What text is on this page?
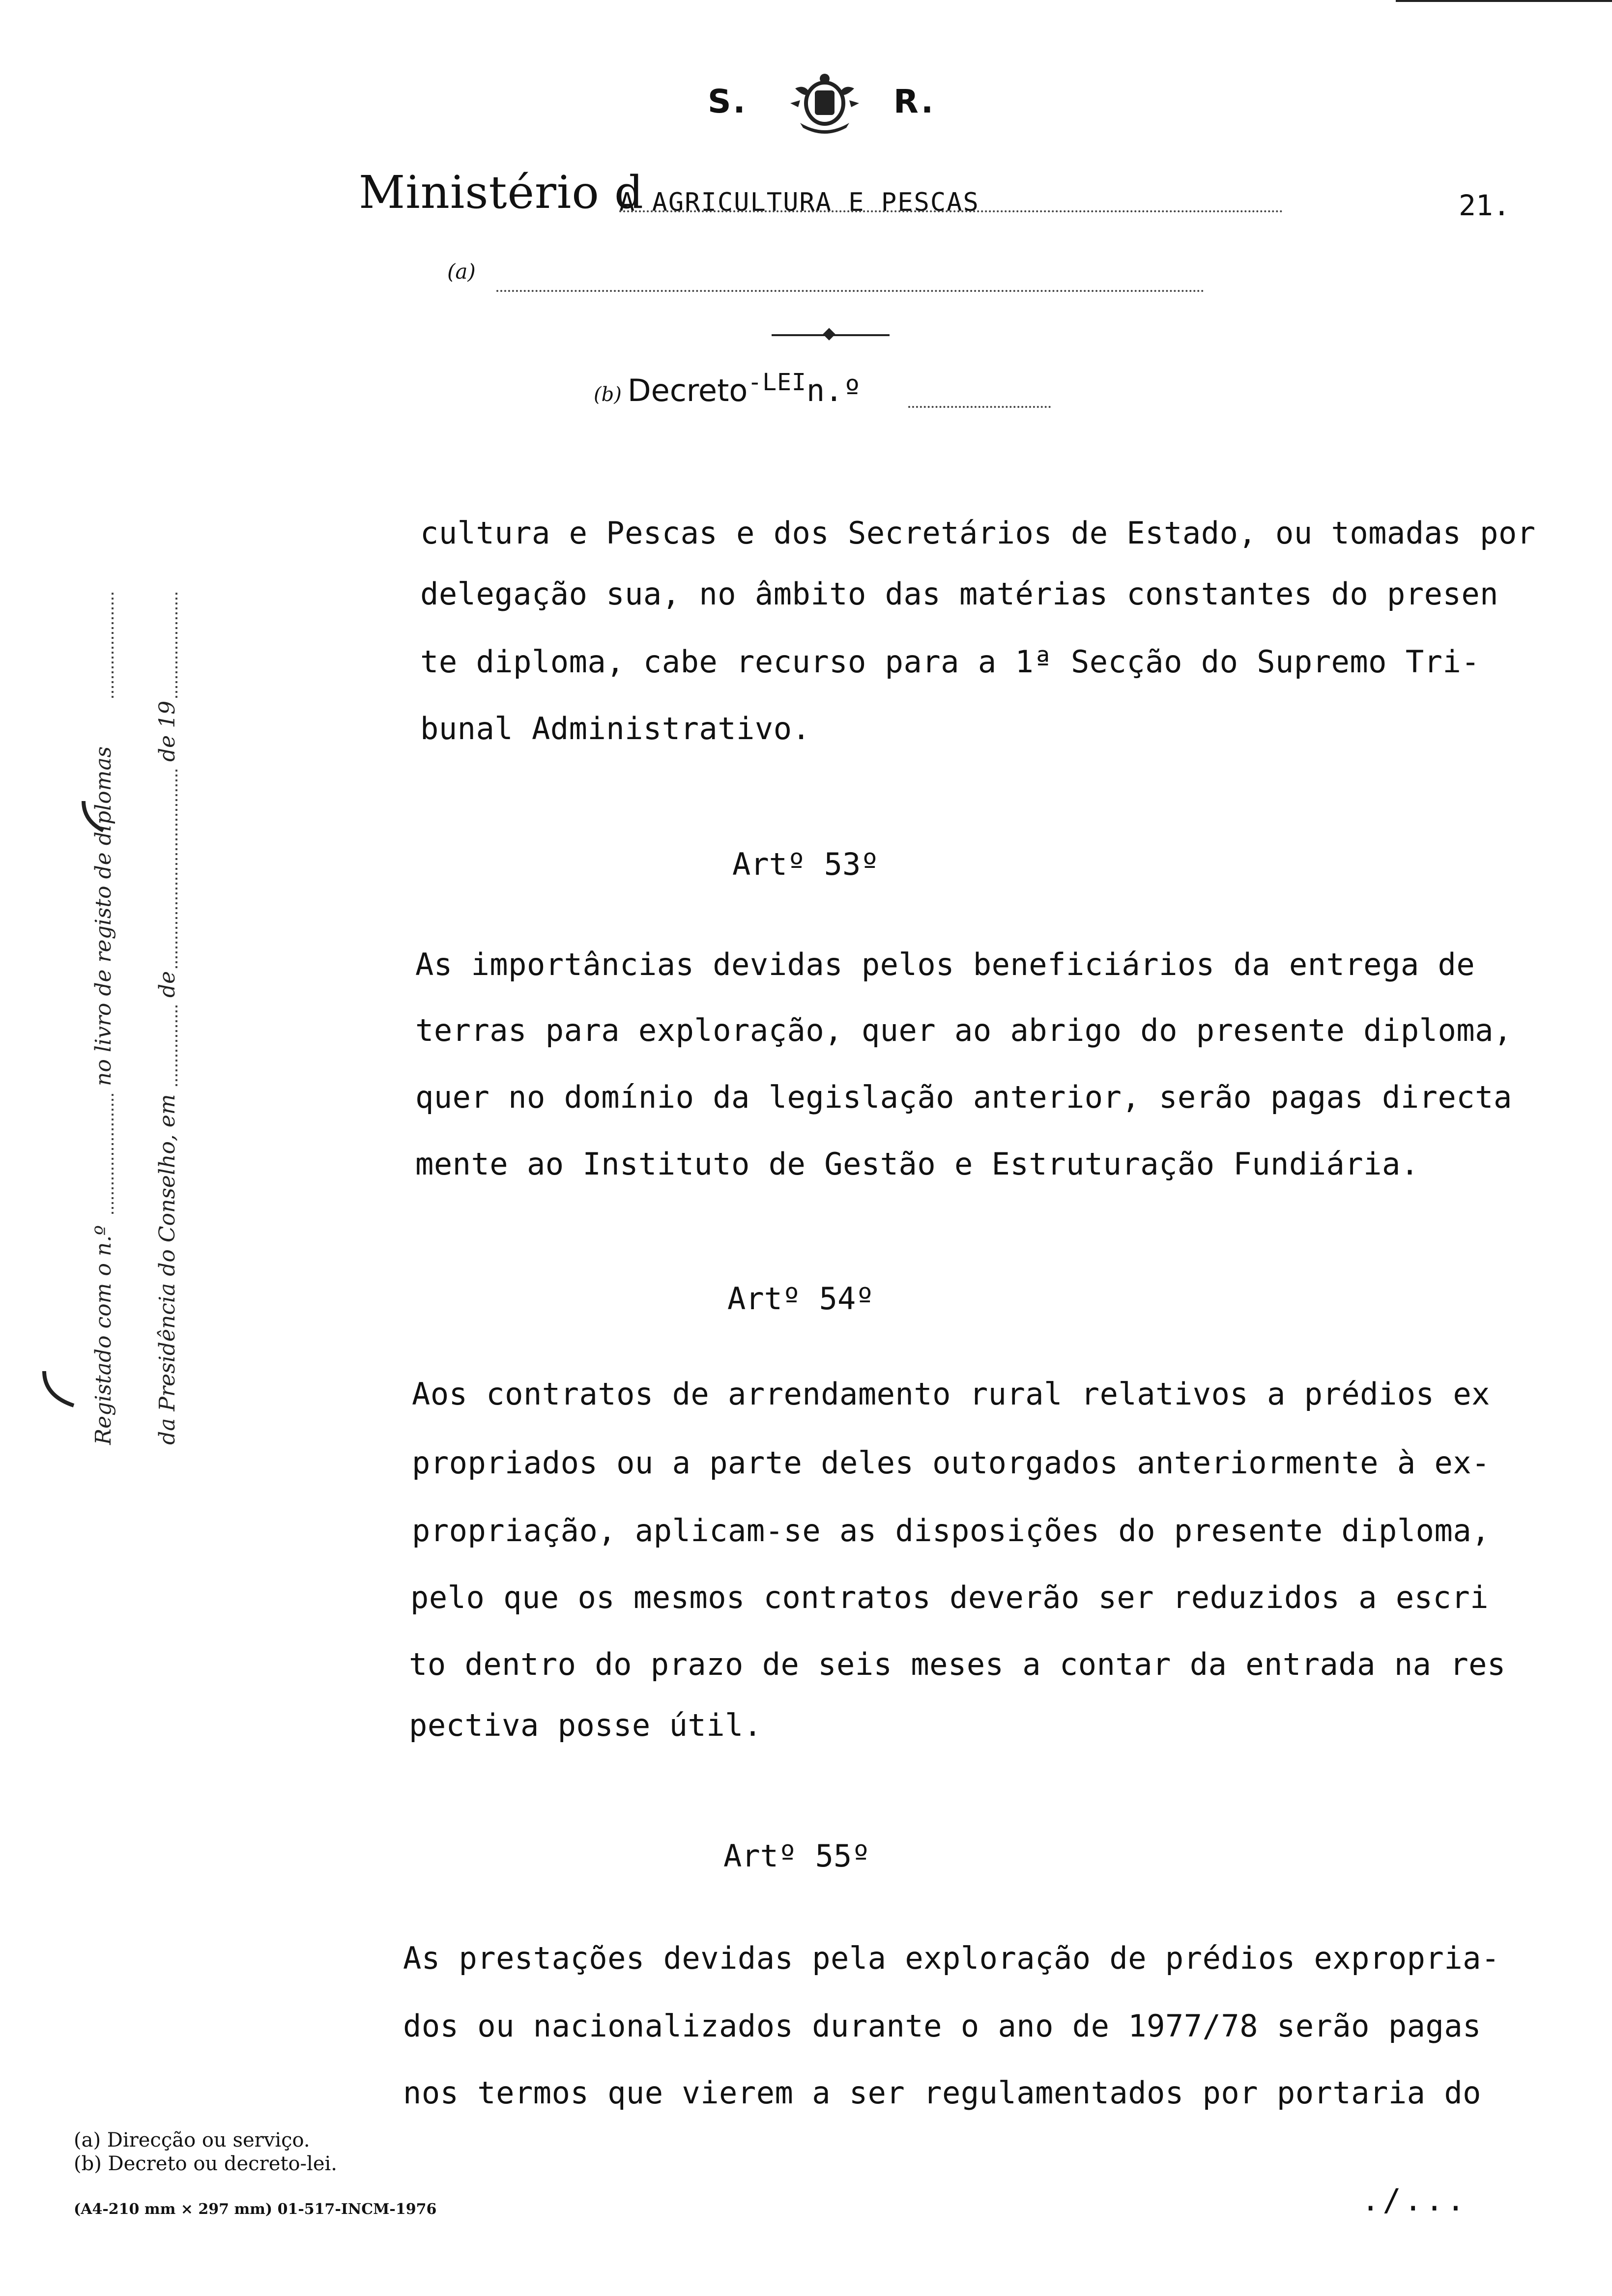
S.	R.
Ministério d
A AGRICULTURA E PESCAS	21.
(a)
(b) Decreto$^{-LEI}$n.º
Registado com o n.º
no livro de registo de diplomas
da Presidência do Conselho, em
de
de 19
cultura e Pescas e dos Secretários de Estado, ou tomadas por
delegação sua, no âmbito das matérias constantes do presen
te diploma, cabe recurso para a 1ª Secção do Supremo Tri-
bunal Administrativo.
Artº 53º
As importâncias devidas pelos beneficiários da entrega de
terras para exploração, quer ao abrigo do presente diploma,
quer no domínio da legislação anterior, serão pagas directa
mente ao Instituto de Gestão e Estruturação Fundiária.
Artº 54º
Aos contratos de arrendamento rural relativos a prédios ex
propriados ou a parte deles outorgados anteriormente à ex-
propriação, aplicam-se as disposições do presente diploma,
pelo que os mesmos contratos deverão ser reduzidos a escri
to dentro do prazo de seis meses a contar da entrada na res
pectiva posse útil.
Artº 55º
As prestações devidas pela exploração de prédios expropria-
dos ou nacionalizados durante o ano de 1977/78 serão pagas
nos termos que vierem a ser regulamentados por portaria do
(a) Direcção ou serviço.
(b) Decreto ou decreto-lei.
(A4-210 mm × 297 mm) 01-517-INCM-1976	./...
